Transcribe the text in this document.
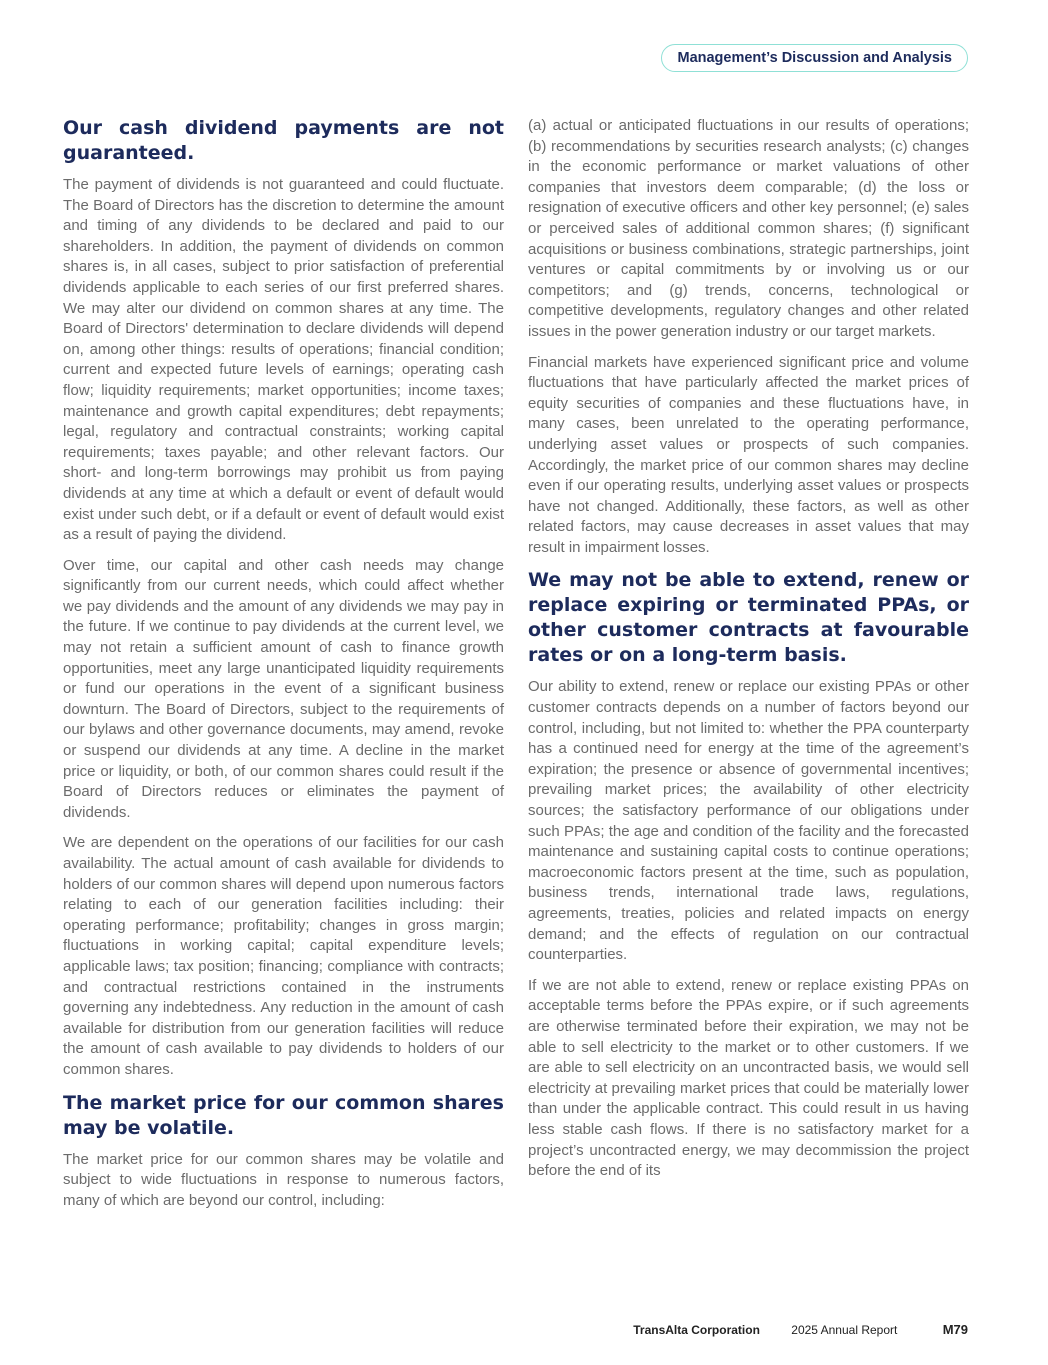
Management’s Discussion and Analysis
Our cash dividend payments are not guaranteed.

The payment of dividends is not guaranteed and could fluctuate. The Board of Directors has the discretion to determine the amount and timing of any dividends to be declared and paid to our shareholders. In addition, the payment of dividends on common shares is, in all cases, subject to prior satisfaction of preferential dividends applicable to each series of our first preferred shares. We may alter our dividend on common shares at any time. The Board of Directors' determination to declare dividends will depend on, among other things: results of operations; financial condition; current and expected future levels of earnings; operating cash flow; liquidity requirements; market opportunities; income taxes; maintenance and growth capital expenditures; debt repayments; legal, regulatory and contractual constraints; working capital requirements; taxes payable; and other relevant factors. Our short- and long-term borrowings may prohibit us from paying dividends at any time at which a default or event of default would exist under such debt, or if a default or event of default would exist as a result of paying the dividend.

Over time, our capital and other cash needs may change significantly from our current needs, which could affect whether we pay dividends and the amount of any dividends we may pay in the future. If we continue to pay dividends at the current level, we may not retain a sufficient amount of cash to finance growth opportunities, meet any large unanticipated liquidity requirements or fund our operations in the event of a significant business downturn. The Board of Directors, subject to the requirements of our bylaws and other governance documents, may amend, revoke or suspend our dividends at any time. A decline in the market price or liquidity, or both, of our common shares could result if the Board of Directors reduces or eliminates the payment of dividends.

We are dependent on the operations of our facilities for our cash availability. The actual amount of cash available for dividends to holders of our common shares will depend upon numerous factors relating to each of our generation facilities including: their operating performance; profitability; changes in gross margin; fluctuations in working capital; capital expenditure levels; applicable laws; tax position; financing; compliance with contracts; and contractual restrictions contained in the instruments governing any indebtedness. Any reduction in the amount of cash available for distribution from our generation facilities will reduce the amount of cash available to pay dividends to holders of our common shares.

The market price for our common shares may be volatile.

The market price for our common shares may be volatile and subject to wide fluctuations in response to numerous factors, many of which are beyond our control, including:

(a) actual or anticipated fluctuations in our results of operations; (b) recommendations by securities research analysts; (c) changes in the economic performance or market valuations of other companies that investors deem comparable; (d) the loss or resignation of executive officers and other key personnel; (e) sales or perceived sales of additional common shares; (f) significant acquisitions or business combinations, strategic partnerships, joint ventures or capital commitments by or involving us or our competitors; and (g) trends, concerns, technological or competitive developments, regulatory changes and other related issues in the power generation industry or our target markets.

Financial markets have experienced significant price and volume fluctuations that have particularly affected the market prices of equity securities of companies and these fluctuations have, in many cases, been unrelated to the operating performance, underlying asset values or prospects of such companies. Accordingly, the market price of our common shares may decline even if our operating results, underlying asset values or prospects have not changed. Additionally, these factors, as well as other related factors, may cause decreases in asset values that may result in impairment losses.

We may not be able to extend, renew or replace expiring or terminated PPAs, or other customer contracts at favourable rates or on a long-term basis.

Our ability to extend, renew or replace our existing PPAs or other customer contracts depends on a number of factors beyond our control, including, but not limited to: whether the PPA counterparty has a continued need for energy at the time of the agreement’s expiration; the presence or absence of governmental incentives; prevailing market prices; the availability of other electricity sources; the satisfactory performance of our obligations under such PPAs; the age and condition of the facility and the forecasted maintenance and sustaining capital costs to continue operations; macroeconomic factors present at the time, such as population, business trends, international trade laws, regulations, agreements, treaties, policies and related impacts on energy demand; and the effects of regulation on our contractual counterparties.

If we are not able to extend, renew or replace existing PPAs on acceptable terms before the PPAs expire, or if such agreements are otherwise terminated before their expiration, we may not be able to sell electricity to the market or to other customers. If we are able to sell electricity on an uncontracted basis, we would sell electricity at prevailing market prices that could be materially lower than under the applicable contract. This could result in us having less stable cash flows. If there is no satisfactory market for a project’s uncontracted energy, we may decommission the project before the end of its

TransAlta Corporation	2025 Annual Report	M79
